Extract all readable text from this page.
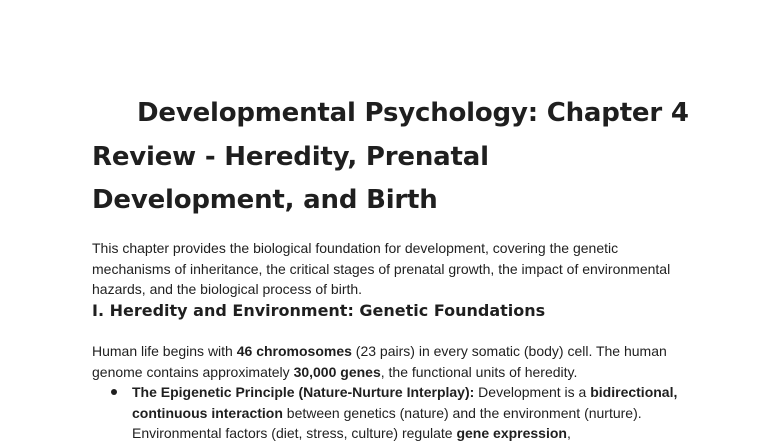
Developmental Psychology: Chapter 4 Review - Heredity, Prenatal Development, and Birth

This chapter provides the biological foundation for development, covering the genetic mechanisms of inheritance, the critical stages of prenatal growth, the impact of environmental hazards, and the biological process of birth.

I. Heredity and Environment: Genetic Foundations

Human life begins with 46 chromosomes (23 pairs) in every somatic (body) cell. The human genome contains approximately 30,000 genes, the functional units of heredity.

The Epigenetic Principle (Nature-Nurture Interplay): Development is a bidirectional, continuous interaction between genetics (nature) and the environment (nurture). Environmental factors (diet, stress, culture) regulate gene expression,
